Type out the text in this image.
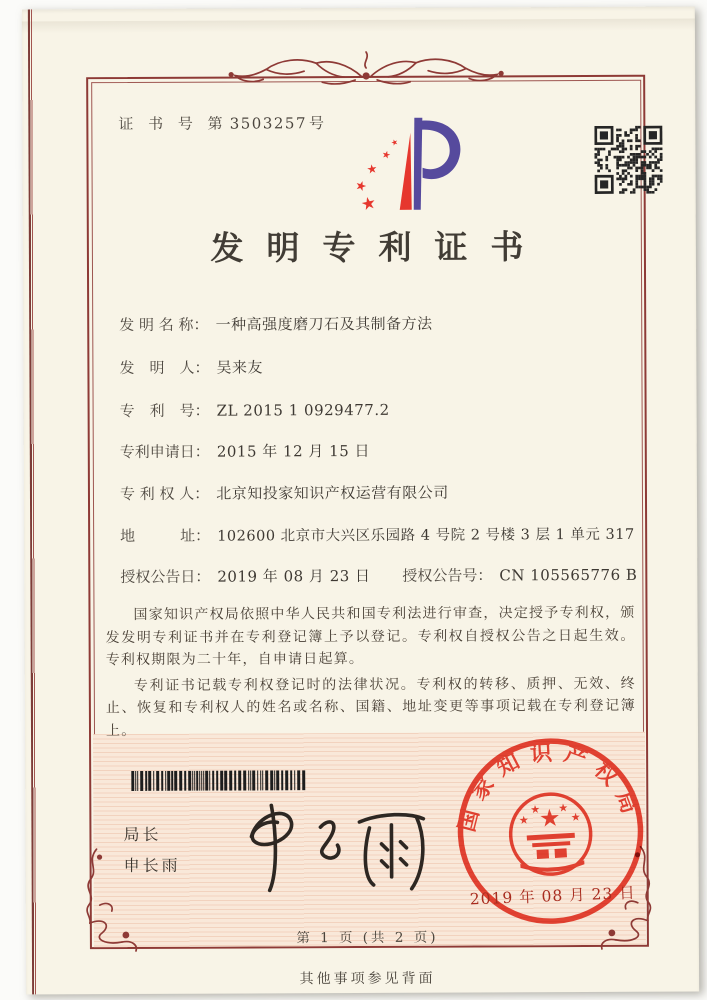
证 书 号 第 3503257 号
★
★
★
★
★
发明专利证书
发 明 名 称： 一种高强度磨刀石及其制备方法
发　明　人： 吴来友
专　利　号： ZL 2015 1 0929477.2
专利申请日： 2015 年 12 月 15 日
专 利 权 人： 北京知投家知识产权运营有限公司
地　　　址： 102600 北京市大兴区乐园路 4 号院 2 号楼 3 层 1 单元 317
授权公告日： 2019 年 08 月 23 日 授权公告号： CN 105565776 B

国家知识产权局依照中华人民共和国专利法进行审查，决定授予专利权，颁发发明专利证书并在专利登记簿上予以登记。专利权自授权公告之日起生效。专利权期限为二十年，自申请日起算。

专利证书记载专利权登记时的法律状况。专利权的转移、质押、无效、终止、恢复和专利权人的姓名或名称、国籍、地址变更等事项记载在专利登记簿上。

局长
申长雨
国家知识产权局
★
★
★ ★
★
2019 年 08 月 23 日
第 1 页 (共 2 页)
其他事项参见背面
